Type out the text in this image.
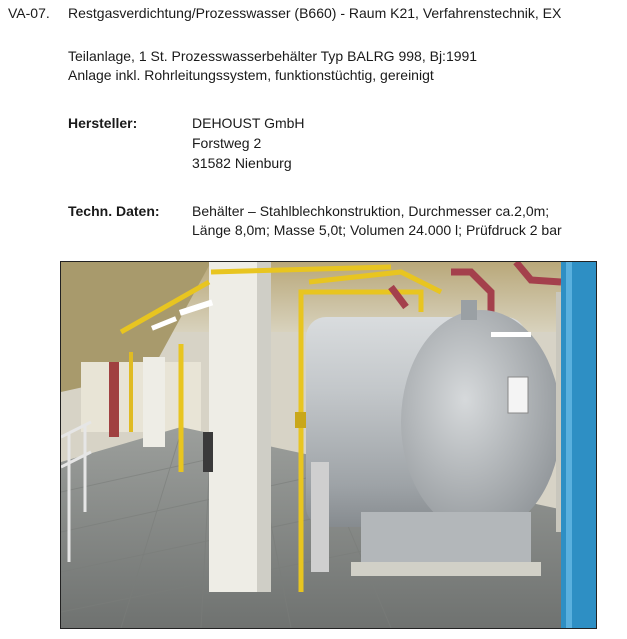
VA-07. Restgasverdichtung/Prozesswasser (B660) - Raum K21, Verfahrenstechnik, EX
Teilanlage, 1 St. Prozesswasserbehälter Typ BALRG 998, Bj:1991
Anlage inkl. Rohrleitungssystem, funktionstüchtig, gereinigt
Hersteller:	DEHOUST GmbH
Forstweg 2
31582 Nienburg
Techn. Daten: Behälter – Stahlblechkonstruktion, Durchmesser ca.2,0m;
Länge 8,0m; Masse 5,0t; Volumen 24.000 l; Prüfdruck 2 bar
